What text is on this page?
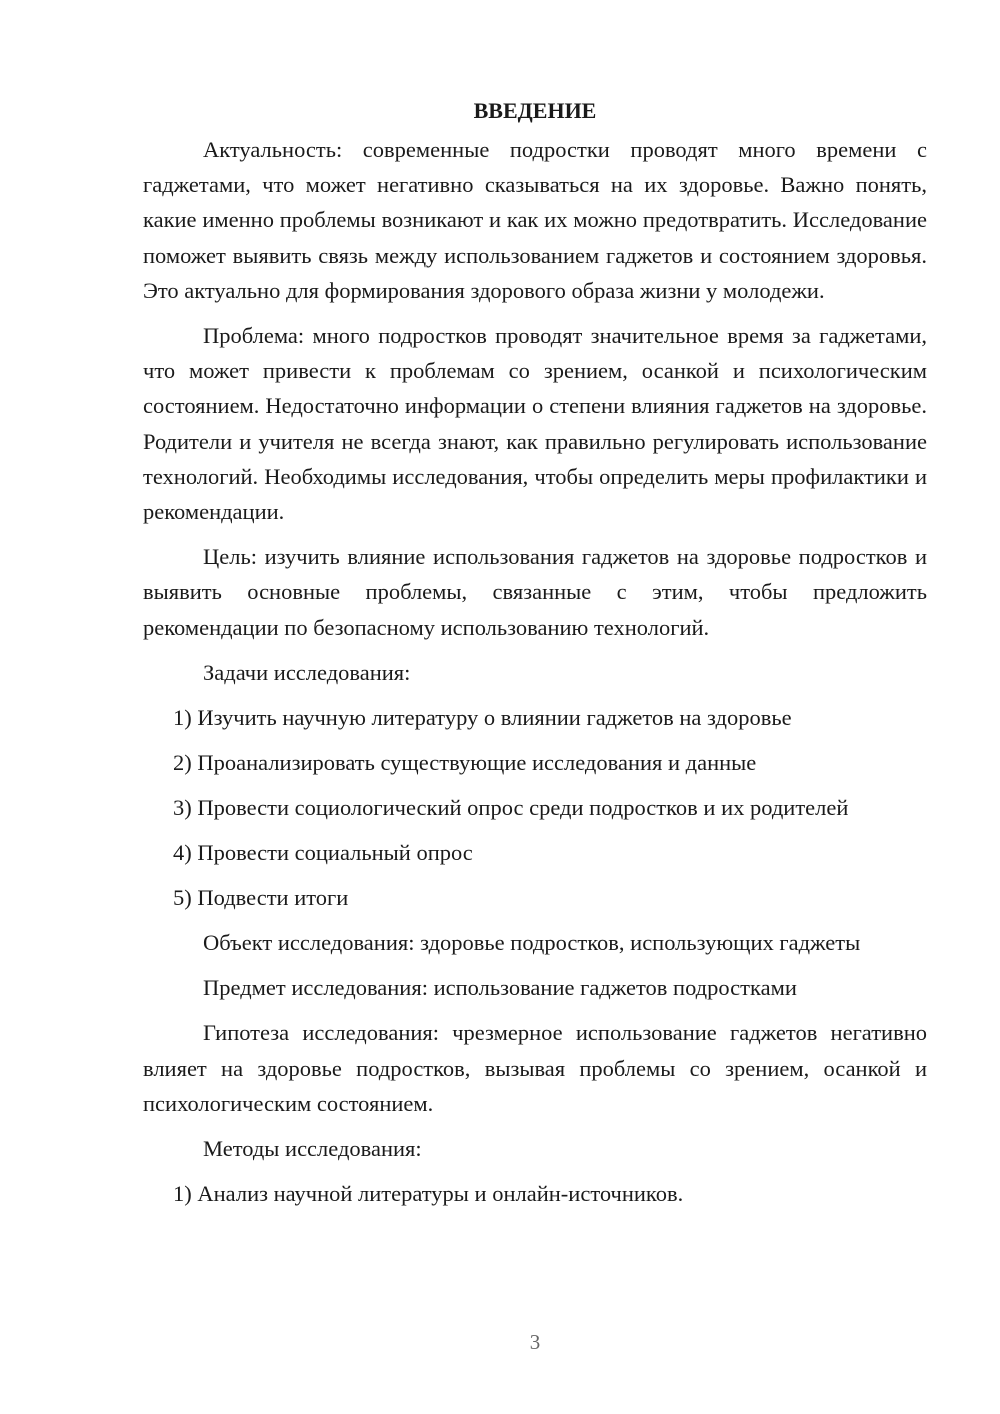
ВВЕДЕНИЕ
Актуальность: современные подростки проводят много времени с гаджетами, что может негативно сказываться на их здоровье. Важно понять, какие именно проблемы возникают и как их можно предотвратить. Исследование поможет выявить связь между использованием гаджетов и состоянием здоровья. Это актуально для формирования здорового образа жизни у молодежи.
Проблема: много подростков проводят значительное время за гаджетами, что может привести к проблемам со зрением, осанкой и психологическим состоянием. Недостаточно информации о степени влияния гаджетов на здоровье. Родители и учителя не всегда знают, как правильно регулировать использование технологий. Необходимы исследования, чтобы определить меры профилактики и рекомендации.
Цель: изучить влияние использования гаджетов на здоровье подростков и выявить основные проблемы, связанные с этим, чтобы предложить рекомендации по безопасному использованию технологий.
Задачи исследования:
1) Изучить научную литературу о влиянии гаджетов на здоровье
2) Проанализировать существующие исследования и данные
3) Провести социологический опрос среди подростков и их родителей
4) Провести социальный опрос
5) Подвести итоги
Объект исследования: здоровье подростков, использующих гаджеты
Предмет исследования: использование гаджетов подростками
Гипотеза исследования: чрезмерное использование гаджетов негативно влияет на здоровье подростков, вызывая проблемы со зрением, осанкой и психологическим состоянием.
Методы исследования:
1) Анализ научной литературы и онлайн-источников.
3
